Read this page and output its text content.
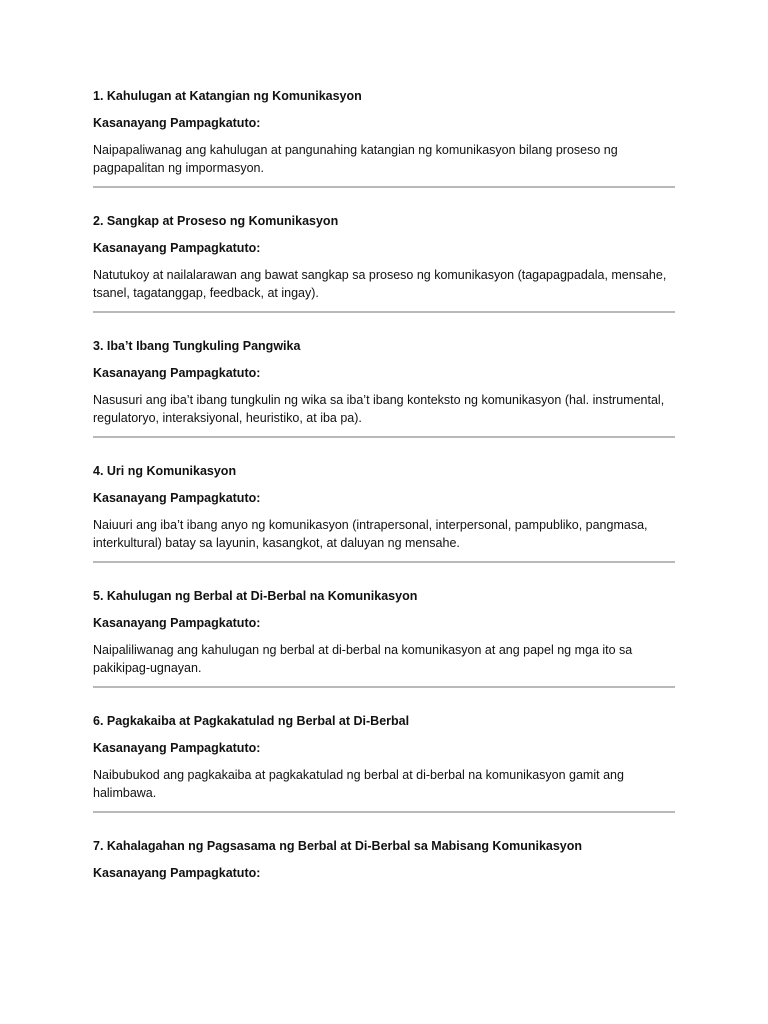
1. Kahulugan at Katangian ng Komunikasyon

Kasanayang Pampagkatuto:

Naipapaliwanag ang kahulugan at pangunahing katangian ng komunikasyon bilang proseso ng pagpapalitan ng impormasyon.

2. Sangkap at Proseso ng Komunikasyon

Kasanayang Pampagkatuto:

Natutukoy at nailalarawan ang bawat sangkap sa proseso ng komunikasyon (tagapagpadala, mensahe, tsanel, tagatanggap, feedback, at ingay).

3. Iba’t Ibang Tungkuling Pangwika

Kasanayang Pampagkatuto:

Nasusuri ang iba’t ibang tungkulin ng wika sa iba’t ibang konteksto ng komunikasyon (hal. instrumental, regulatoryo, interaksiyonal, heuristiko, at iba pa).

4. Uri ng Komunikasyon

Kasanayang Pampagkatuto:

Naiuuri ang iba’t ibang anyo ng komunikasyon (intrapersonal, interpersonal, pampubliko, pangmasa, interkultural) batay sa layunin, kasangkot, at daluyan ng mensahe.

5. Kahulugan ng Berbal at Di-Berbal na Komunikasyon

Kasanayang Pampagkatuto:

Naipaliliwanag ang kahulugan ng berbal at di-berbal na komunikasyon at ang papel ng mga ito sa pakikipag-ugnayan.

6. Pagkakaiba at Pagkakatulad ng Berbal at Di-Berbal

Kasanayang Pampagkatuto:

Naibubukod ang pagkakaiba at pagkakatulad ng berbal at di-berbal na komunikasyon gamit ang halimbawa.

7. Kahalagahan ng Pagsasama ng Berbal at Di-Berbal sa Mabisang Komunikasyon

Kasanayang Pampagkatuto:
